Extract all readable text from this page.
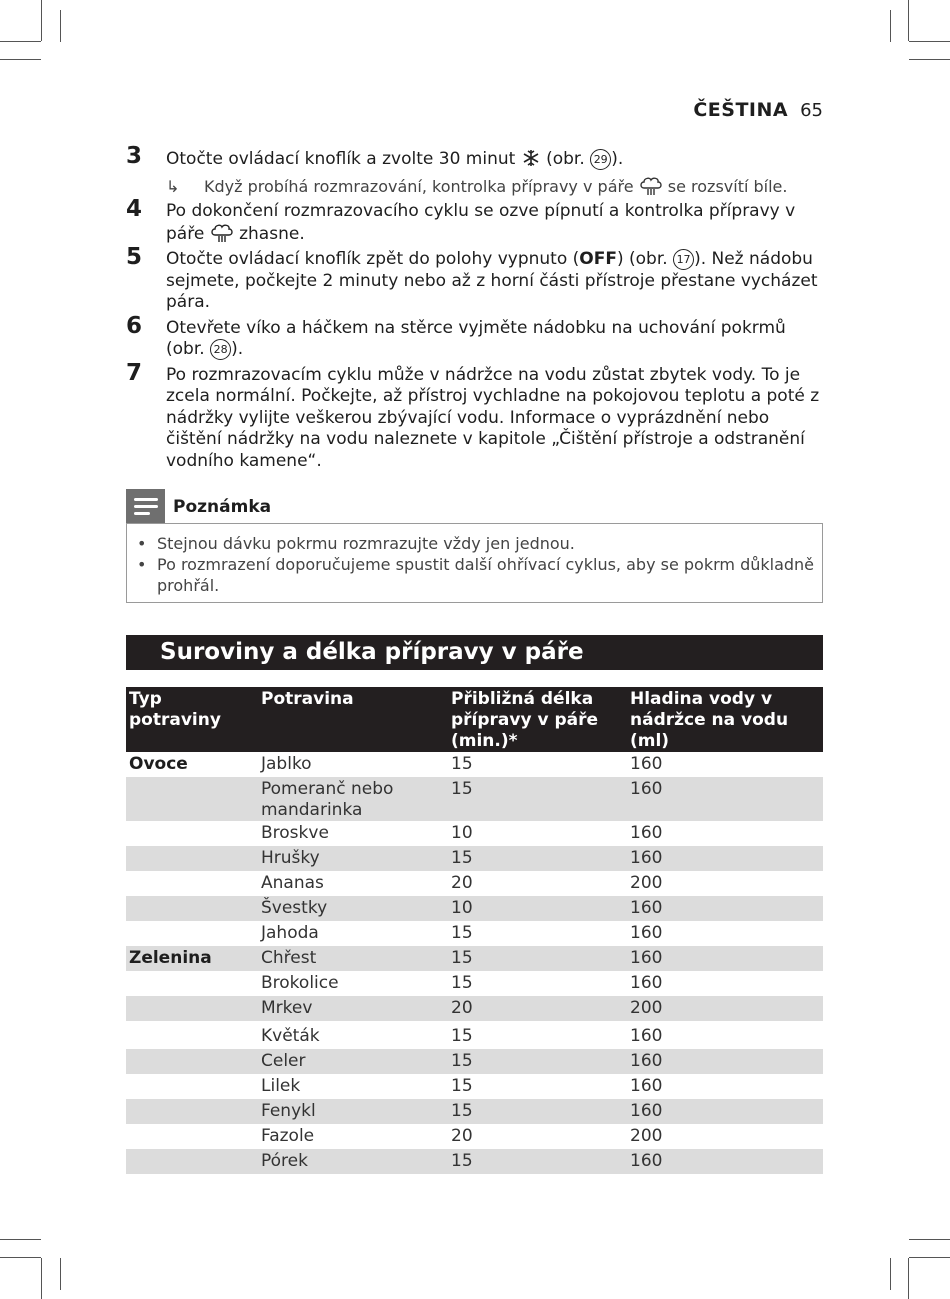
ČEŠTINA 65
3 Otočte ovládací knoflík a zvolte 30 minut (obr. 29 ).
↳ Když probíhá rozmrazování, kontrolka přípravy v páře se rozsvítí bíle.
4 Po dokončení rozmrazovacího cyklu se ozve pípnutí a kontrolka přípravy v páře zhasne.
5 Otočte ovládací knoflík zpět do polohy vypnuto (OFF) (obr. 17 ). Než nádobu sejmete, počkejte 2 minuty nebo až z horní části přístroje přestane vycházet pára.
6 Otevřete víko a háčkem na stěrce vyjměte nádobku na uchování pokrmů (obr. 28 ).
7 Po rozmrazovacím cyklu může v nádržce na vodu zůstat zbytek vody. To je zcela normální. Počkejte, až přístroj vychladne na pokojovou teplotu a poté z nádržky vylijte veškerou zbývající vodu. Informace o vyprázdnění nebo čištění nádržky na vodu naleznete v kapitole „Čištění přístroje a odstranění vodního kamene“.
Poznámka
• Stejnou dávku pokrmu rozmrazujte vždy jen jednou.
• Po rozmrazení doporučujeme spustit další ohřívací cyklus, aby se pokrm důkladně prohřál.
Suroviny a délka přípravy v páře
Typ potraviny	Potravina	Přibližná délka přípravy v páře (min.)*	Hladina vody v nádržce na vodu (ml)
Ovoce	Jablko	15	160
	Pomeranč nebo mandarinka	15	160
	Broskve	10	160
	Hrušky	15	160
	Ananas	20	200
	Švestky	10	160
	Jahoda	15	160
Zelenina	Chřest	15	160
	Brokolice	15	160
	Mrkev	20	200
	Květák	15	160
	Celer	15	160
	Lilek	15	160
	Fenykl	15	160
	Fazole	20	200
	Pórek	15	160
